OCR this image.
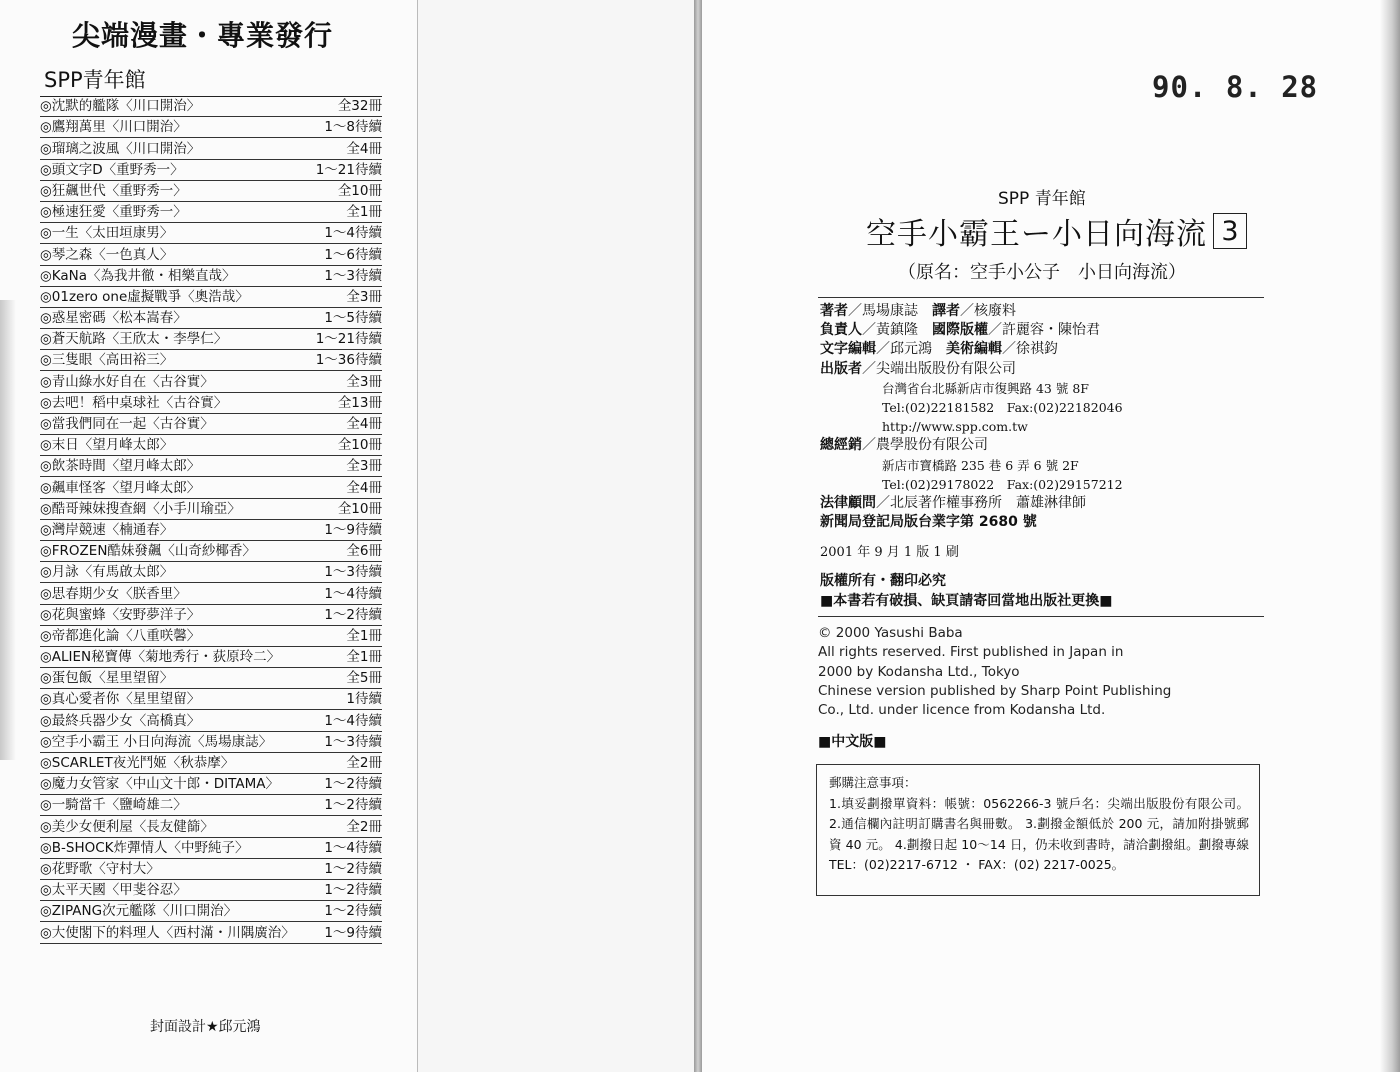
尖端漫畫・專業發行
SPP青年館
◎沈默的艦隊〈川口開治〉	全32冊
◎鷹翔萬里〈川口開治〉	1〜8待續
◎瑠璃之波風〈川口開治〉	全4冊
◎頭文字D〈重野秀一〉	1〜21待續
◎狂飆世代〈重野秀一〉	全10冊
◎極速狂愛〈重野秀一〉	全1冊
◎一生〈太田垣康男〉	1〜4待續
◎琴之森〈一色真人〉	1〜6待續
◎KaNa〈為我井徹・相樂直哉〉	1〜3待續
◎01zero one虛擬戰爭〈奧浩哉〉	全3冊
◎惑星密碼〈松本嵩春〉	1〜5待續
◎蒼天航路〈王欣太・李學仁〉	1〜21待續
◎三隻眼〈高田裕三〉	1〜36待續
◎青山綠水好自在〈古谷實〉	全3冊
◎去吧！稻中桌球社〈古谷實〉	全13冊
◎當我們同在一起〈古谷實〉	全4冊
◎末日〈望月峰太郎〉	全10冊
◎飲茶時間〈望月峰太郎〉	全3冊
◎飆車怪客〈望月峰太郎〉	全4冊
◎酷哥辣妹搜查網〈小手川瑜亞〉	全10冊
◎灣岸競速〈楠通春〉	1〜9待續
◎FROZEN酷妹發飆〈山奇紗椰香〉	全6冊
◎月詠〈有馬啟太郎〉	1〜3待續
◎思春期少女〈朕香里〉	1〜4待續
◎花與蜜蜂〈安野夢洋子〉	1〜2待續
◎帝都進化論〈八重咲馨〉	全1冊
◎ALIEN秘寶傳〈菊地秀行・荻原玲二〉	全1冊
◎蛋包飯〈星里望留〉	全5冊
◎真心愛者你〈星里望留〉	1待續
◎最終兵器少女〈高橋真〉	1〜4待續
◎空手小霸王 小日向海流〈馬場康誌〉	1〜3待續
◎SCARLET夜光鬥姬〈秋恭摩〉	全2冊
◎魔力女管家〈中山文十郎・DITAMA〉	1〜2待續
◎一騎當千〈鹽崎雄二〉	1〜2待續
◎美少女便利屋〈長友健篩〉	全2冊
◎B-SHOCK炸彈情人〈中野純子〉	1〜4待續
◎花野歌〈守村大〉	1〜2待續
◎太平天國〈甲斐谷忍〉	1〜2待續
◎ZIPANG次元艦隊〈川口開治〉	1〜2待續
◎大使閣下的料理人〈西村滿・川隅廣治〉 1〜9待續
封面設計★邱元鴻
90. 8. 28
SPP 青年館
空手小霸王ー小日向海流 3
（原名：空手小公子　小日向海流）
著者／馬場康誌　譯者／核廢料
負責人／黃鎮隆　國際版權／許麗容・陳怡君
文字編輯／邱元鴻　美術編輯／徐祺鈞
出版者／尖端出版股份有限公司
台灣省台北縣新店市復興路 43 號 8F
Tel:(02)22181582　Fax:(02)22182046
http://www.spp.com.tw
總經銷／農學股份有限公司
新店市寶橋路 235 巷 6 弄 6 號 2F
Tel:(02)29178022　Fax:(02)29157212
法律顧問／北辰著作權事務所　蕭雄淋律師
新聞局登記局版台業字第 2680 號
2001 年 9 月 1 版 1 刷
版權所有・翻印必究
■本書若有破損、缺頁請寄回當地出版社更換■
© 2000 Yasushi Baba
All rights reserved. First published in Japan in
2000 by Kodansha Ltd., Tokyo
Chinese version published by Sharp Point Publishing
Co., Ltd. under licence from Kodansha Ltd.
■中文版■
郵購注意事項：
1.填妥劃撥單資料：帳號：0562266-3 號戶名：尖端出版股份有限公司。 2.通信欄內註明訂購書名與冊數。 3.劃撥金額低於 200 元，請加附掛號郵資 40 元。 4.劃撥日起 10～14 日，仍未收到書時，請洽劃撥組。劃撥專線 TEL：(02)2217-6712 ・ FAX：(02) 2217-0025。
